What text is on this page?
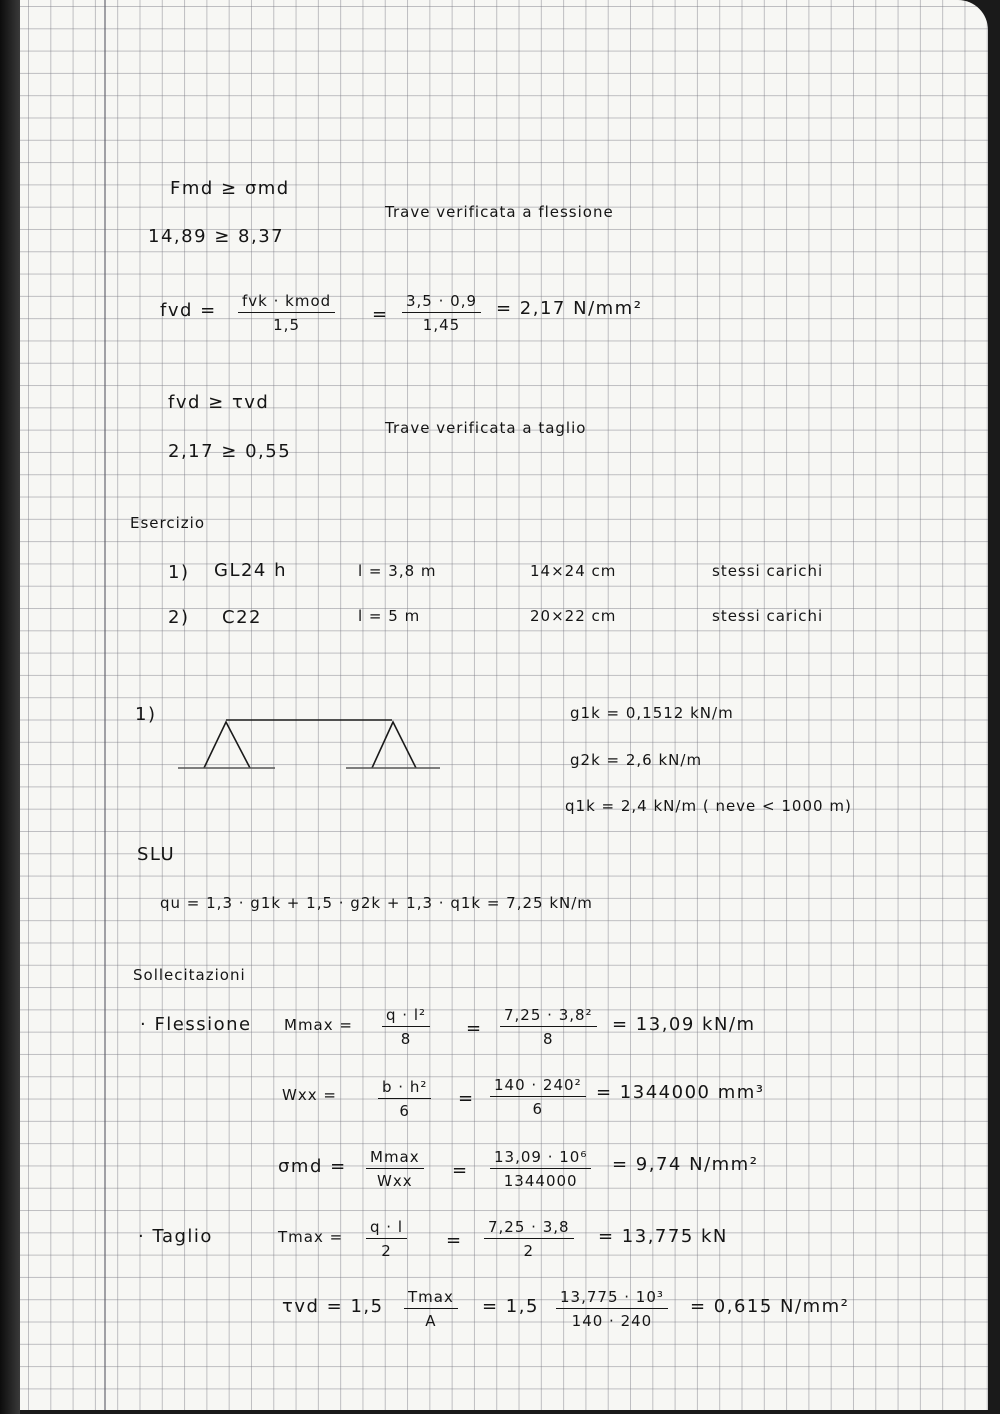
Fmd ≥ σmd
14,89 ≥ 8,37
Trave verificata a flessione
fvd = fvk · kmod
1,5	= $\frac{3,5 \cdot 0,9}{1,45} = 2,17$ N/mm²
fvd ≥ τvd
2,17 ≥ 0,55
Trave verificata a taglio
Esercizio
1) GL24 h	l = 3,8 m	14×24 cm	stessi carichi
2) C22	l = 5 m	20×22 cm	stessi carichi
1)	g1k = 0,1512 kN/m
g2k = 2,6 kN/m
q1k = 2,4 kN/m ( neve < 1000 m)
SLU
qu = 1,3 · g1k + 1,5 · g2k + 1,3 · q1k = 7,25 kN/m
Sollecitazioni
· Flessione $Mmax = \frac{\text{q · l²}}{8} = \frac{\text{7,25 · 3,8²}}{8} = 13,09$ kN/m
Wxx =	$\frac{\text{b · h²}}{6} = \frac{\text{140 · 240²}}{6} = 1344000$ mm³
σmd = Mmax
Wxx = $\frac{\text{13,09 · 10⁶}}{1344000} = 9,74$ N/mm²
· Taglio	$Tmax = \frac{q \cdot l}{2} = \frac{7,25 \cdot 3,8}{2} = 13,775$ kN
τvd = 1,5 Tmax
A
= $1,5 \frac{\text{13,775 · 10³}}{140 \cdot 240} = 0,615$ N/mm²
